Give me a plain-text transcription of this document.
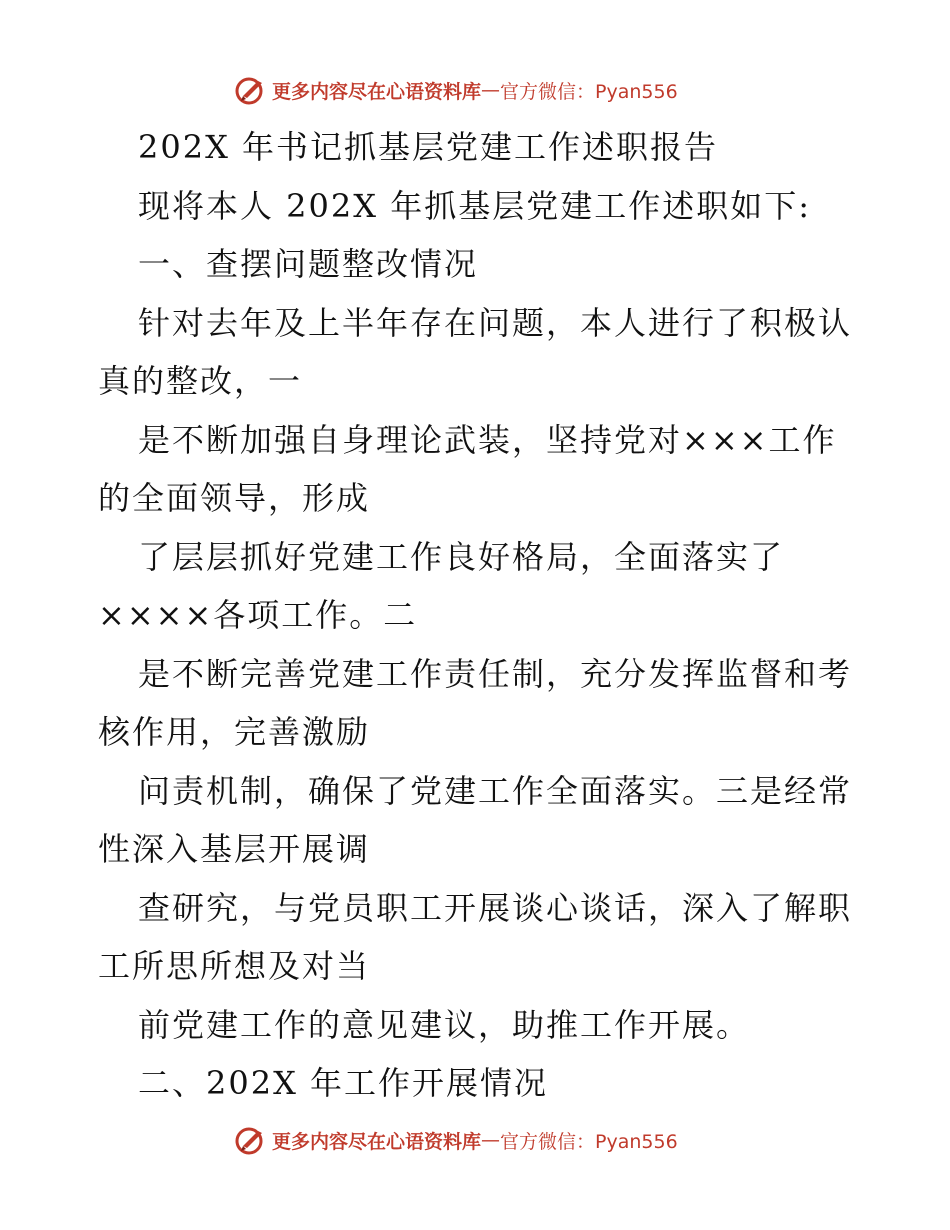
更多内容尽在心语资料库 — 官方微信：Pyan556
202X 年书记抓基层党建工作述职报告
现将本人 202X 年抓基层党建工作述职如下:
一、查摆问题整改情况
针对去年及上半年存在问题，本人进行了积极认
真的整改，一
是不断加强自身理论武装，坚持党对×××工作
的全面领导，形成
了层层抓好党建工作良好格局，全面落实了
××××各项工作。二
是不断完善党建工作责任制，充分发挥监督和考
核作用，完善激励
问责机制，确保了党建工作全面落实。三是经常
性深入基层开展调
查研究，与党员职工开展谈心谈话，深入了解职
工所思所想及对当
前党建工作的意见建议，助推工作开展。
二、202X 年工作开展情况
更多内容尽在心语资料库 — 官方微信：Pyan556
